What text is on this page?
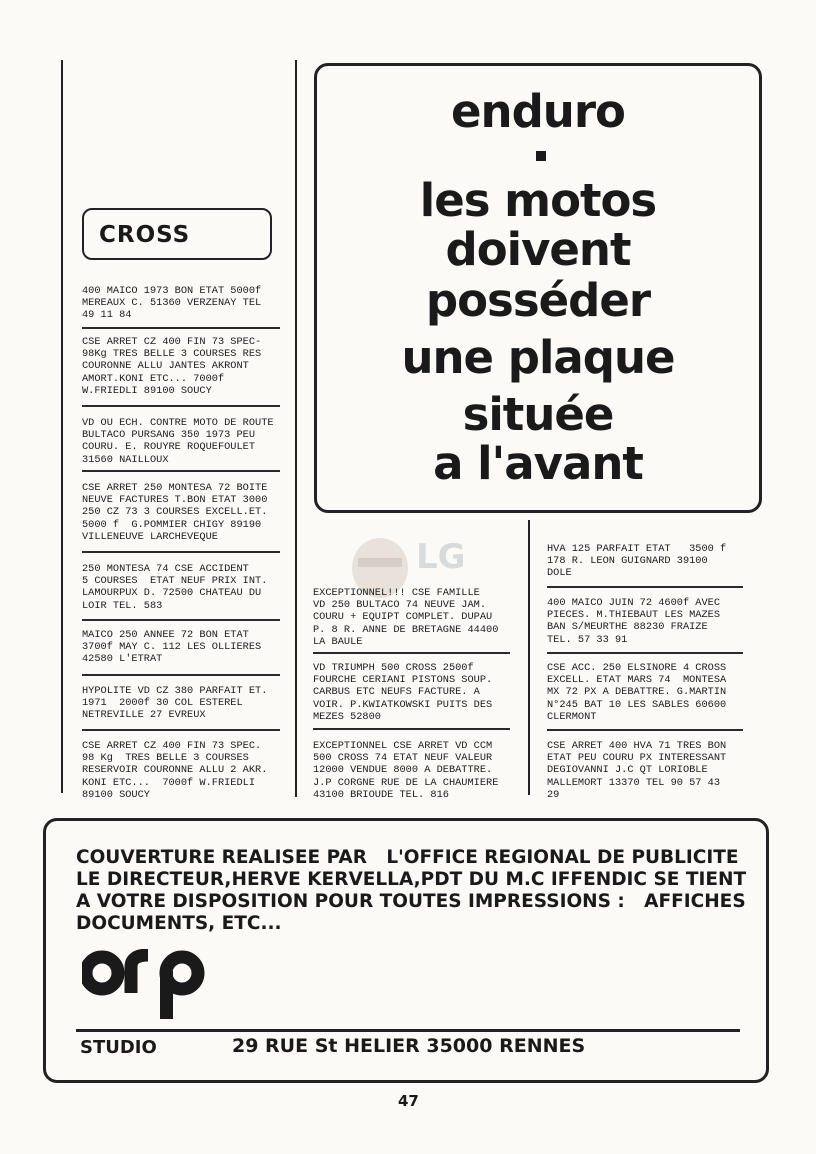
CROSS
400 MAICO 1973 BON ETAT 5000f
MEREAUX C. 51360 VERZENAY TEL
49 11 84
CSE ARRET CZ 400 FIN 73 SPEC-
98Kg TRES BELLE 3 COURSES RES
COURONNE ALLU JANTES AKRONT
AMORT.KONI ETC... 7000f
W.FRIEDLI 89100 SOUCY
VD OU ECH. CONTRE MOTO DE ROUTE
BULTACO PURSANG 350 1973 PEU
COURU. E. ROUYRE ROQUEFOULET
31560 NAILLOUX
CSE ARRET 250 MONTESA 72 BOITE
NEUVE FACTURES T.BON ETAT 3000
250 CZ 73 3 COURSES EXCELL.ET.
5000 f  G.POMMIER CHIGY 89190
VILLENEUVE LARCHEVEQUE
250 MONTESA 74 CSE ACCIDENT
5 COURSES  ETAT NEUF PRIX INT.
LAMOURPUX D. 72500 CHATEAU DU
LOIR TEL. 583
MAICO 250 ANNEE 72 BON ETAT
3700f MAY C. 112 LES OLLIERES
42580 L'ETRAT
HYPOLITE VD CZ 380 PARFAIT ET.
1971  2000f 30 COL ESTEREL
NETREVILLE 27 EVREUX
CSE ARRET CZ 400 FIN 73 SPEC.
98 Kg  TRES BELLE 3 COURSES
RESERVOIR COURONNE ALLU 2 AKR.
KONI ETC...  7000f W.FRIEDLI
89100 SOUCY
enduro
les motos
doivent
posséder
une plaque
située
a l'avant
LG
EXCEPTIONNEL!!! CSE FAMILLE
VD 250 BULTACO 74 NEUVE JAM.
COURU + EQUIPT COMPLET. DUPAU
P. 8 R. ANNE DE BRETAGNE 44400
LA BAULE
VD TRIUMPH 500 CROSS 2500f
FOURCHE CERIANI PISTONS SOUP.
CARBUS ETC NEUFS FACTURE. A
VOIR. P.KWIATKOWSKI PUITS DES
MEZES 52800
EXCEPTIONNEL CSE ARRET VD CCM
500 CROSS 74 ETAT NEUF VALEUR
12000 VENDUE 8000 A DEBATTRE.
J.P CORGNE RUE DE LA CHAUMIERE
43100 BRIOUDE TEL. 816
HVA 125 PARFAIT ETAT   3500 f
178 R. LEON GUIGNARD 39100
DOLE
400 MAICO JUIN 72 4600f AVEC
PIECES. M.THIEBAUT LES MAZES
BAN S/MEURTHE 88230 FRAIZE
TEL. 57 33 91
CSE ACC. 250 ELSINORE 4 CROSS
EXCELL. ETAT MARS 74  MONTESA
MX 72 PX A DEBATTRE. G.MARTIN
N°245 BAT 10 LES SABLES 60600
CLERMONT
CSE ARRET 400 HVA 71 TRES BON
ETAT PEU COURU PX INTERESSANT
DEGIOVANNI J.C QT LORIOBLE
MALLEMORT 13370 TEL 90 57 43
29
COUVERTURE REALISEE PAR   L'OFFICE REGIONAL DE PUBLICITE
LE DIRECTEUR,HERVE KERVELLA,PDT DU M.C IFFENDIC SE TIENT
A VOTRE DISPOSITION POUR TOUTES IMPRESSIONS :   AFFICHES
DOCUMENTS, ETC...
STUDIO	29 RUE St HELIER 35000 RENNES
47
